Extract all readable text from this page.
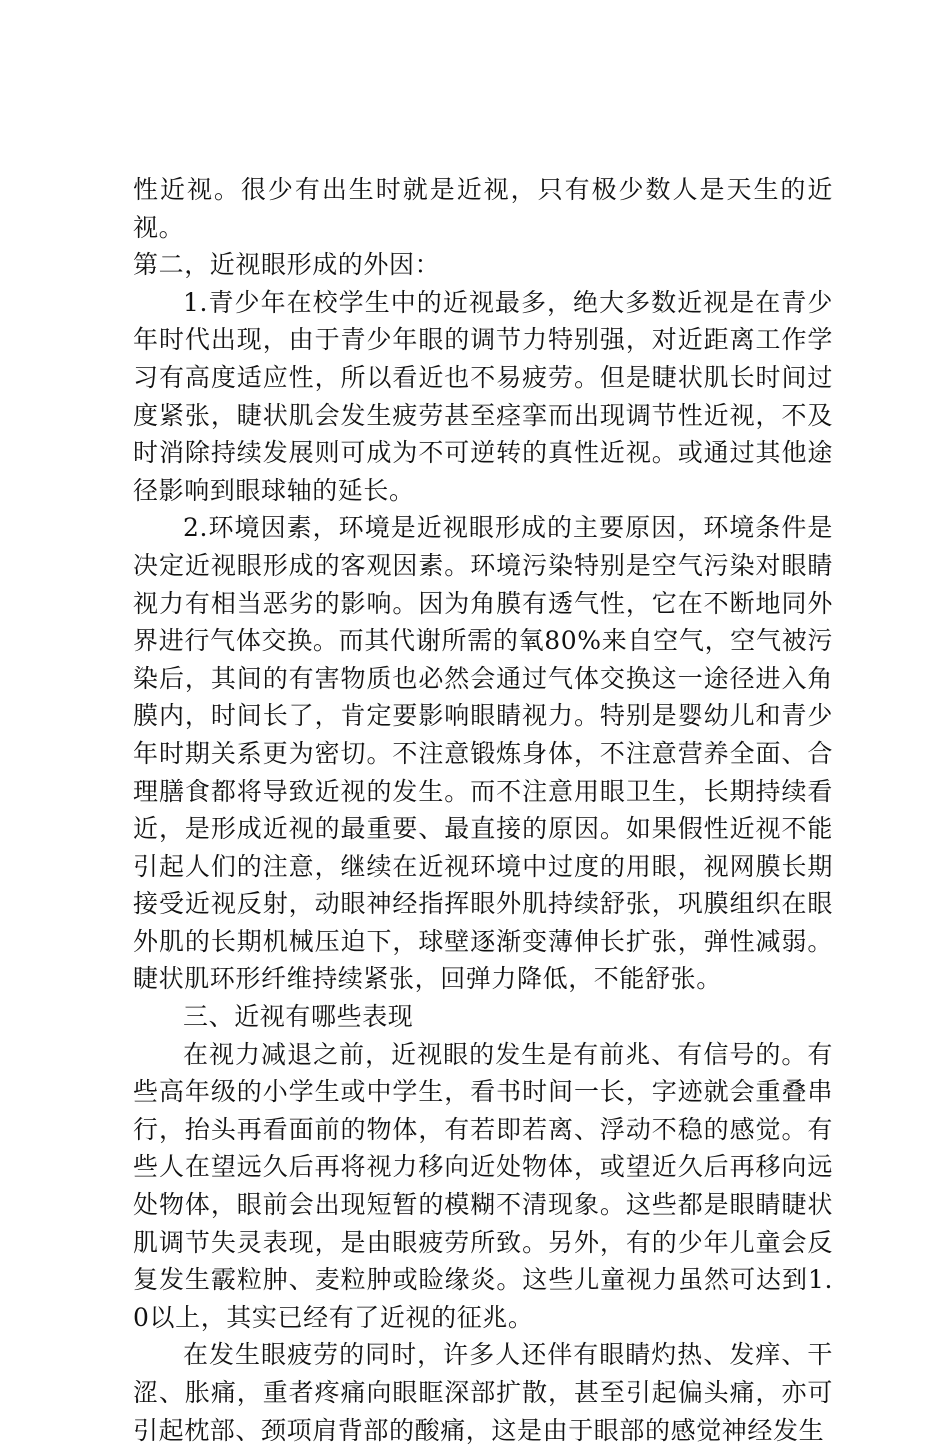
性近视。很少有出生时就是近视，只有极少数人是天生的近视。

第二，近视眼形成的外因：

1.青少年在校学生中的近视最多，绝大多数近视是在青少年时代出现，由于青少年眼的调节力特别强，对近距离工作学习有高度适应性，所以看近也不易疲劳。但是睫状肌长时间过度紧张，睫状肌会发生疲劳甚至痉挛而出现调节性近视，不及时消除持续发展则可成为不可逆转的真性近视。或通过其他途径影响到眼球轴的延长。

2.环境因素，环境是近视眼形成的主要原因，环境条件是决定近视眼形成的客观因素。环境污染特别是空气污染对眼睛视力有相当恶劣的影响。因为角膜有透气性，它在不断地同外界进行气体交换。而其代谢所需的氧80%来自空气，空气被污染后，其间的有害物质也必然会通过气体交换这一途径进入角膜内，时间长了，肯定要影响眼睛视力。特别是婴幼儿和青少年时期关系更为密切。不注意锻炼身体，不注意营养全面、合理膳食都将导致近视的发生。而不注意用眼卫生，长期持续看近，是形成近视的最重要、最直接的原因。如果假性近视不能引起人们的注意，继续在近视环境中过度的用眼，视网膜长期接受近视反射，动眼神经指挥眼外肌持续舒张，巩膜组织在眼外肌的长期机械压迫下，球壁逐渐变薄伸长扩张，弹性减弱。睫状肌环形纤维持续紧张，回弹力降低，不能舒张。

三、近视有哪些表现

在视力减退之前，近视眼的发生是有前兆、有信号的。有些高年级的小学生或中学生，看书时间一长，字迹就会重叠串行，抬头再看面前的物体，有若即若离、浮动不稳的感觉。有些人在望远久后再将视力移向近处物体，或望近久后再移向远处物体，眼前会出现短暂的模糊不清现象。这些都是眼睛睫状肌调节失灵表现，是由眼疲劳所致。另外，有的少年儿童会反复发生霰粒肿、麦粒肿或睑缘炎。这些儿童视力虽然可达到1.0以上，其实已经有了近视的征兆。

在发生眼疲劳的同时，许多人还伴有眼睛灼热、发痒、干涩、胀痛，重者疼痛向眼眶深部扩散，甚至引起偏头痛，亦可引起枕部、颈项肩背部的酸痛，这是由于眼部的感觉神经发生
